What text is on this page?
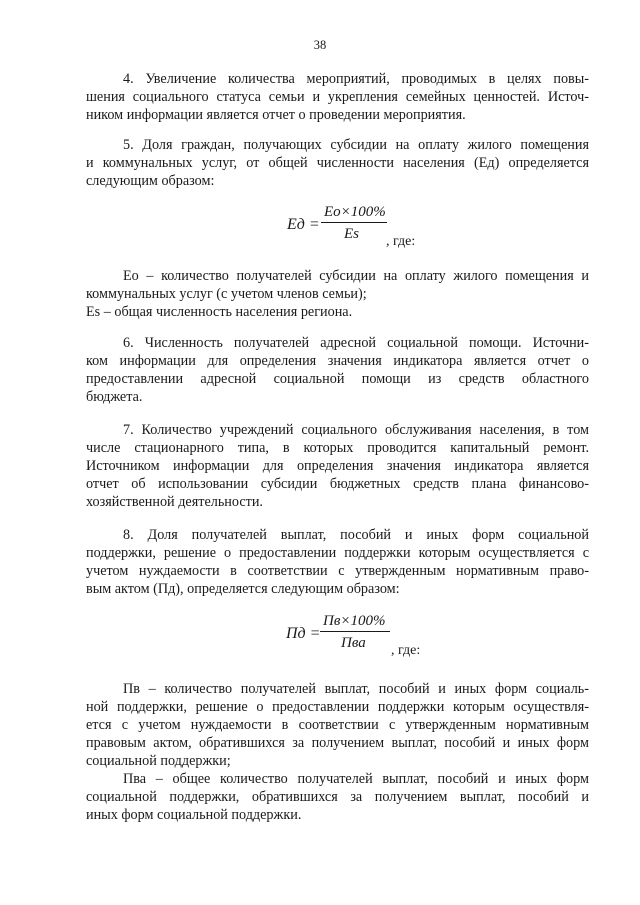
38
4. Увеличение количества мероприятий, проводимых в целях повы-
шения социального статуса семьи и укрепления семейных ценностей. Источ-
ником информации является отчет о проведении мероприятия.
5. Доля граждан, получающих субсидии на оплату жилого помещения
и коммунальных услуг, от общей численности населения (Ед) определяется
следующим образом:
Ед =
Ео×100%
Es , где:
Ео – количество получателей субсидии на оплату жилого помещения и
коммунальных услуг (с учетом членов семьи);
Es – общая численность населения региона.
6. Численность получателей адресной социальной помощи. Источни-
ком информации для определения значения индикатора является отчет о
предоставлении адресной социальной помощи из средств областного
бюджета.
7. Количество учреждений социального обслуживания населения, в том
числе стационарного типа, в которых проводится капитальный ремонт.
Источником информации для определения значения индикатора является
отчет об использовании субсидии бюджетных средств плана финансово-
хозяйственной деятельности.
8. Доля получателей выплат, пособий и иных форм социальной
поддержки, решение о предоставлении поддержки которым осуществляется с
учетом нуждаемости в соответствии с утвержденным нормативным право-
вым актом (Пд), определяется следующим образом:
Пд =
Пв×100%
Пва , где:
Пв – количество получателей выплат, пособий и иных форм социаль-
ной поддержки, решение о предоставлении поддержки которым осуществля-
ется с учетом нуждаемости в соответствии с утвержденным нормативным
правовым актом, обратившихся за получением выплат, пособий и иных форм
социальной поддержки;
Пва – общее количество получателей выплат, пособий и иных форм
социальной поддержки, обратившихся за получением выплат, пособий и
иных форм социальной поддержки.
